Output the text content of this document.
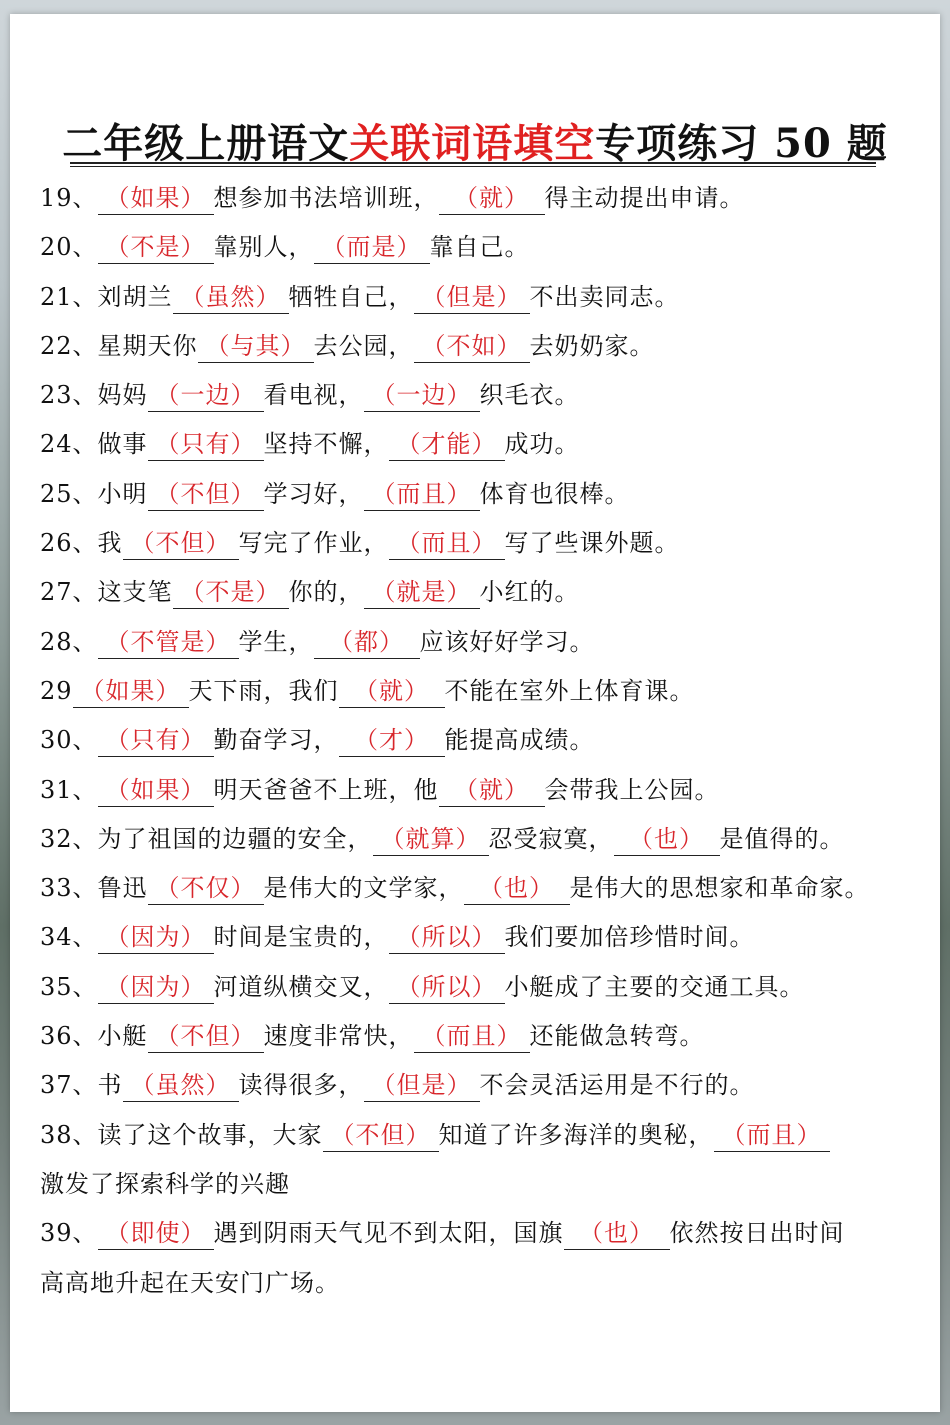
二年级上册语文关联词语填空专项练习 50 题
19、 （ 如果 ） 想参加书法培训班， （ 就 ） 得主动提出申请。
20、 （ 不是 ） 靠别人， （ 而是 ） 靠自己。
21、刘胡兰 （ 虽然 ） 牺牲自己， （ 但是 ） 不出卖同志。
22、星期天你 （ 与其 ） 去公园， （ 不如 ） 去奶奶家。
23、妈妈 （ 一边 ） 看电视， （ 一边 ） 织毛衣。
24、做事 （ 只有 ） 坚持不懈， （ 才能 ） 成功。
25、小明 （ 不但 ） 学习好， （ 而且 ） 体育也很棒。
26、我 （ 不但 ） 写完了作业， （ 而且 ） 写了些课外题。
27、这支笔 （ 不是 ） 你的， （ 就是 ） 小红的。
28、 （ 不管是 ） 学生， （ 都 ） 应该好好学习。
29 （ 如果 ） 天下雨，我们 （ 就 ） 不能在室外上体育课。
30、 （ 只有 ） 勤奋学习， （ 才 ） 能提高成绩。
31、 （ 如果 ） 明天爸爸不上班，他 （ 就 ） 会带我上公园。
32、为了祖国的边疆的安全， （ 就算 ） 忍受寂寞， （ 也 ） 是值得的。
33、鲁迅 （ 不仅 ） 是伟大的文学家， （ 也 ） 是伟大的思想家和革命家。
34、 （ 因为 ） 时间是宝贵的， （ 所以 ） 我们要加倍珍惜时间。
35、 （ 因为 ） 河道纵横交叉， （ 所以 ） 小艇成了主要的交通工具。
36、小艇 （ 不但 ） 速度非常快， （ 而且 ） 还能做急转弯。
37、书 （ 虽然 ） 读得很多， （ 但是 ） 不会灵活运用是不行的。
38、读了这个故事，大家 （ 不但 ） 知道了许多海洋的奥秘， （ 而且 ）
激发了探索科学的兴趣
39、 （ 即使 ） 遇到阴雨天气见不到太阳，国旗 （ 也 ） 依然按日出时间
高高地升起在天安门广场。
